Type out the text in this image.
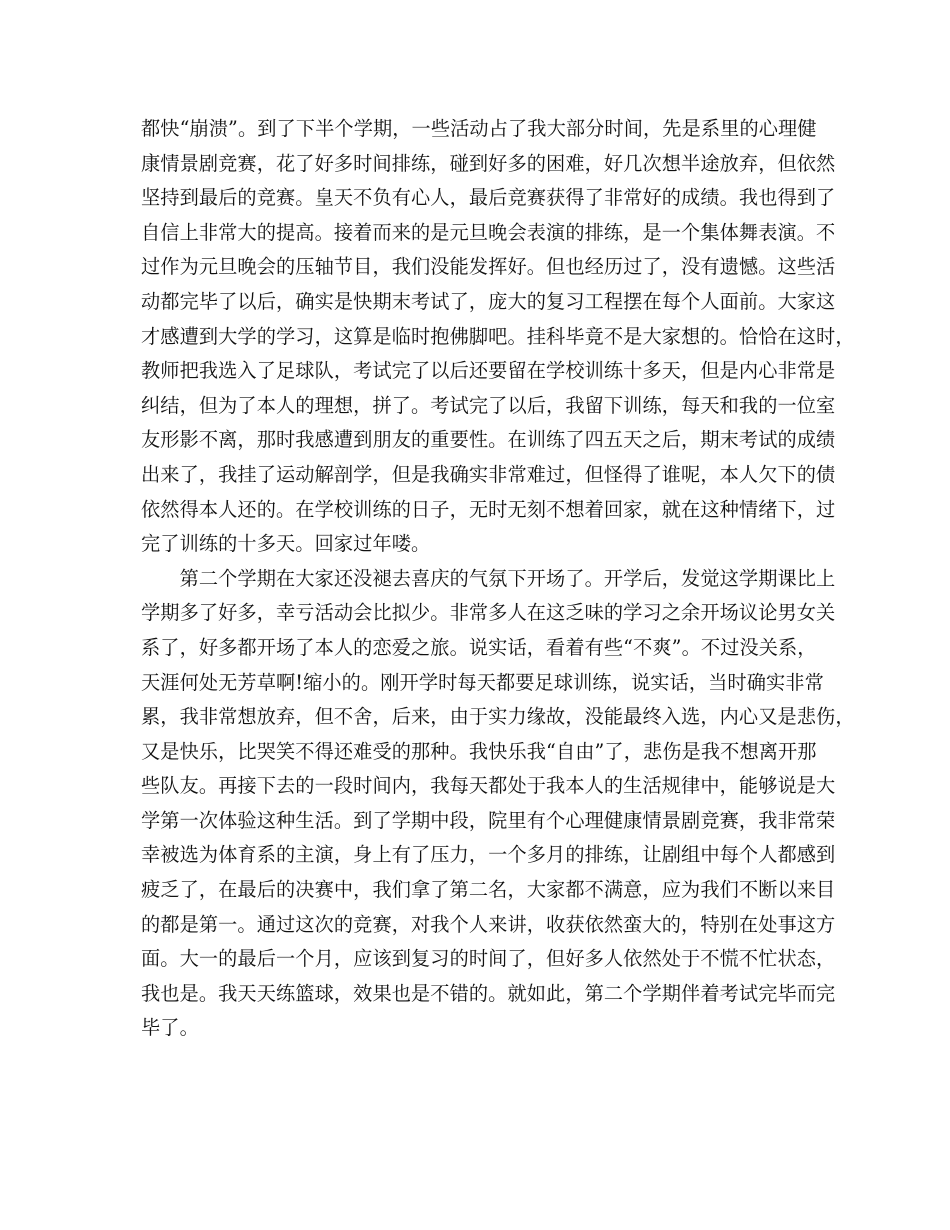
都快“崩溃”。到了下半个学期，一些活动占了我大部分时间，先是系里的心理健
康情景剧竞赛，花了好多时间排练，碰到好多的困难，好几次想半途放弃，但依然
坚持到最后的竞赛。皇天不负有心人，最后竞赛获得了非常好的成绩。我也得到了
自信上非常大的提高。接着而来的是元旦晚会表演的排练，是一个集体舞表演。不
过作为元旦晚会的压轴节目，我们没能发挥好。但也经历过了，没有遗憾。这些活
动都完毕了以后，确实是快期末考试了，庞大的复习工程摆在每个人面前。大家这
才感遭到大学的学习，这算是临时抱佛脚吧。挂科毕竟不是大家想的。恰恰在这时，
教师把我选入了足球队，考试完了以后还要留在学校训练十多天，但是内心非常是
纠结，但为了本人的理想，拼了。考试完了以后，我留下训练，每天和我的一位室
友形影不离，那时我感遭到朋友的重要性。在训练了四五天之后，期末考试的成绩
出来了，我挂了运动解剖学，但是我确实非常难过，但怪得了谁呢，本人欠下的债
依然得本人还的。在学校训练的日子，无时无刻不想着回家，就在这种情绪下，过
完了训练的十多天。回家过年喽。
　　第二个学期在大家还没褪去喜庆的气氛下开场了。开学后，发觉这学期课比上
学期多了好多，幸亏活动会比拟少。非常多人在这乏味的学习之余开场议论男女关
系了，好多都开场了本人的恋爱之旅。说实话，看着有些“不爽”。不过没关系，
天涯何处无芳草啊!缩小的。刚开学时每天都要足球训练，说实话，当时确实非常
累，我非常想放弃，但不舍，后来，由于实力缘故，没能最终入选，内心又是悲伤，
又是快乐，比哭笑不得还难受的那种。我快乐我“自由”了，悲伤是我不想离开那
些队友。再接下去的一段时间内，我每天都处于我本人的生活规律中，能够说是大
学第一次体验这种生活。到了学期中段，院里有个心理健康情景剧竞赛，我非常荣
幸被选为体育系的主演，身上有了压力，一个多月的排练，让剧组中每个人都感到
疲乏了，在最后的决赛中，我们拿了第二名，大家都不满意，应为我们不断以来目
的都是第一。通过这次的竞赛，对我个人来讲，收获依然蛮大的，特别在处事这方
面。大一的最后一个月，应该到复习的时间了，但好多人依然处于不慌不忙状态，
我也是。我天天练篮球，效果也是不错的。就如此，第二个学期伴着考试完毕而完
毕了。
